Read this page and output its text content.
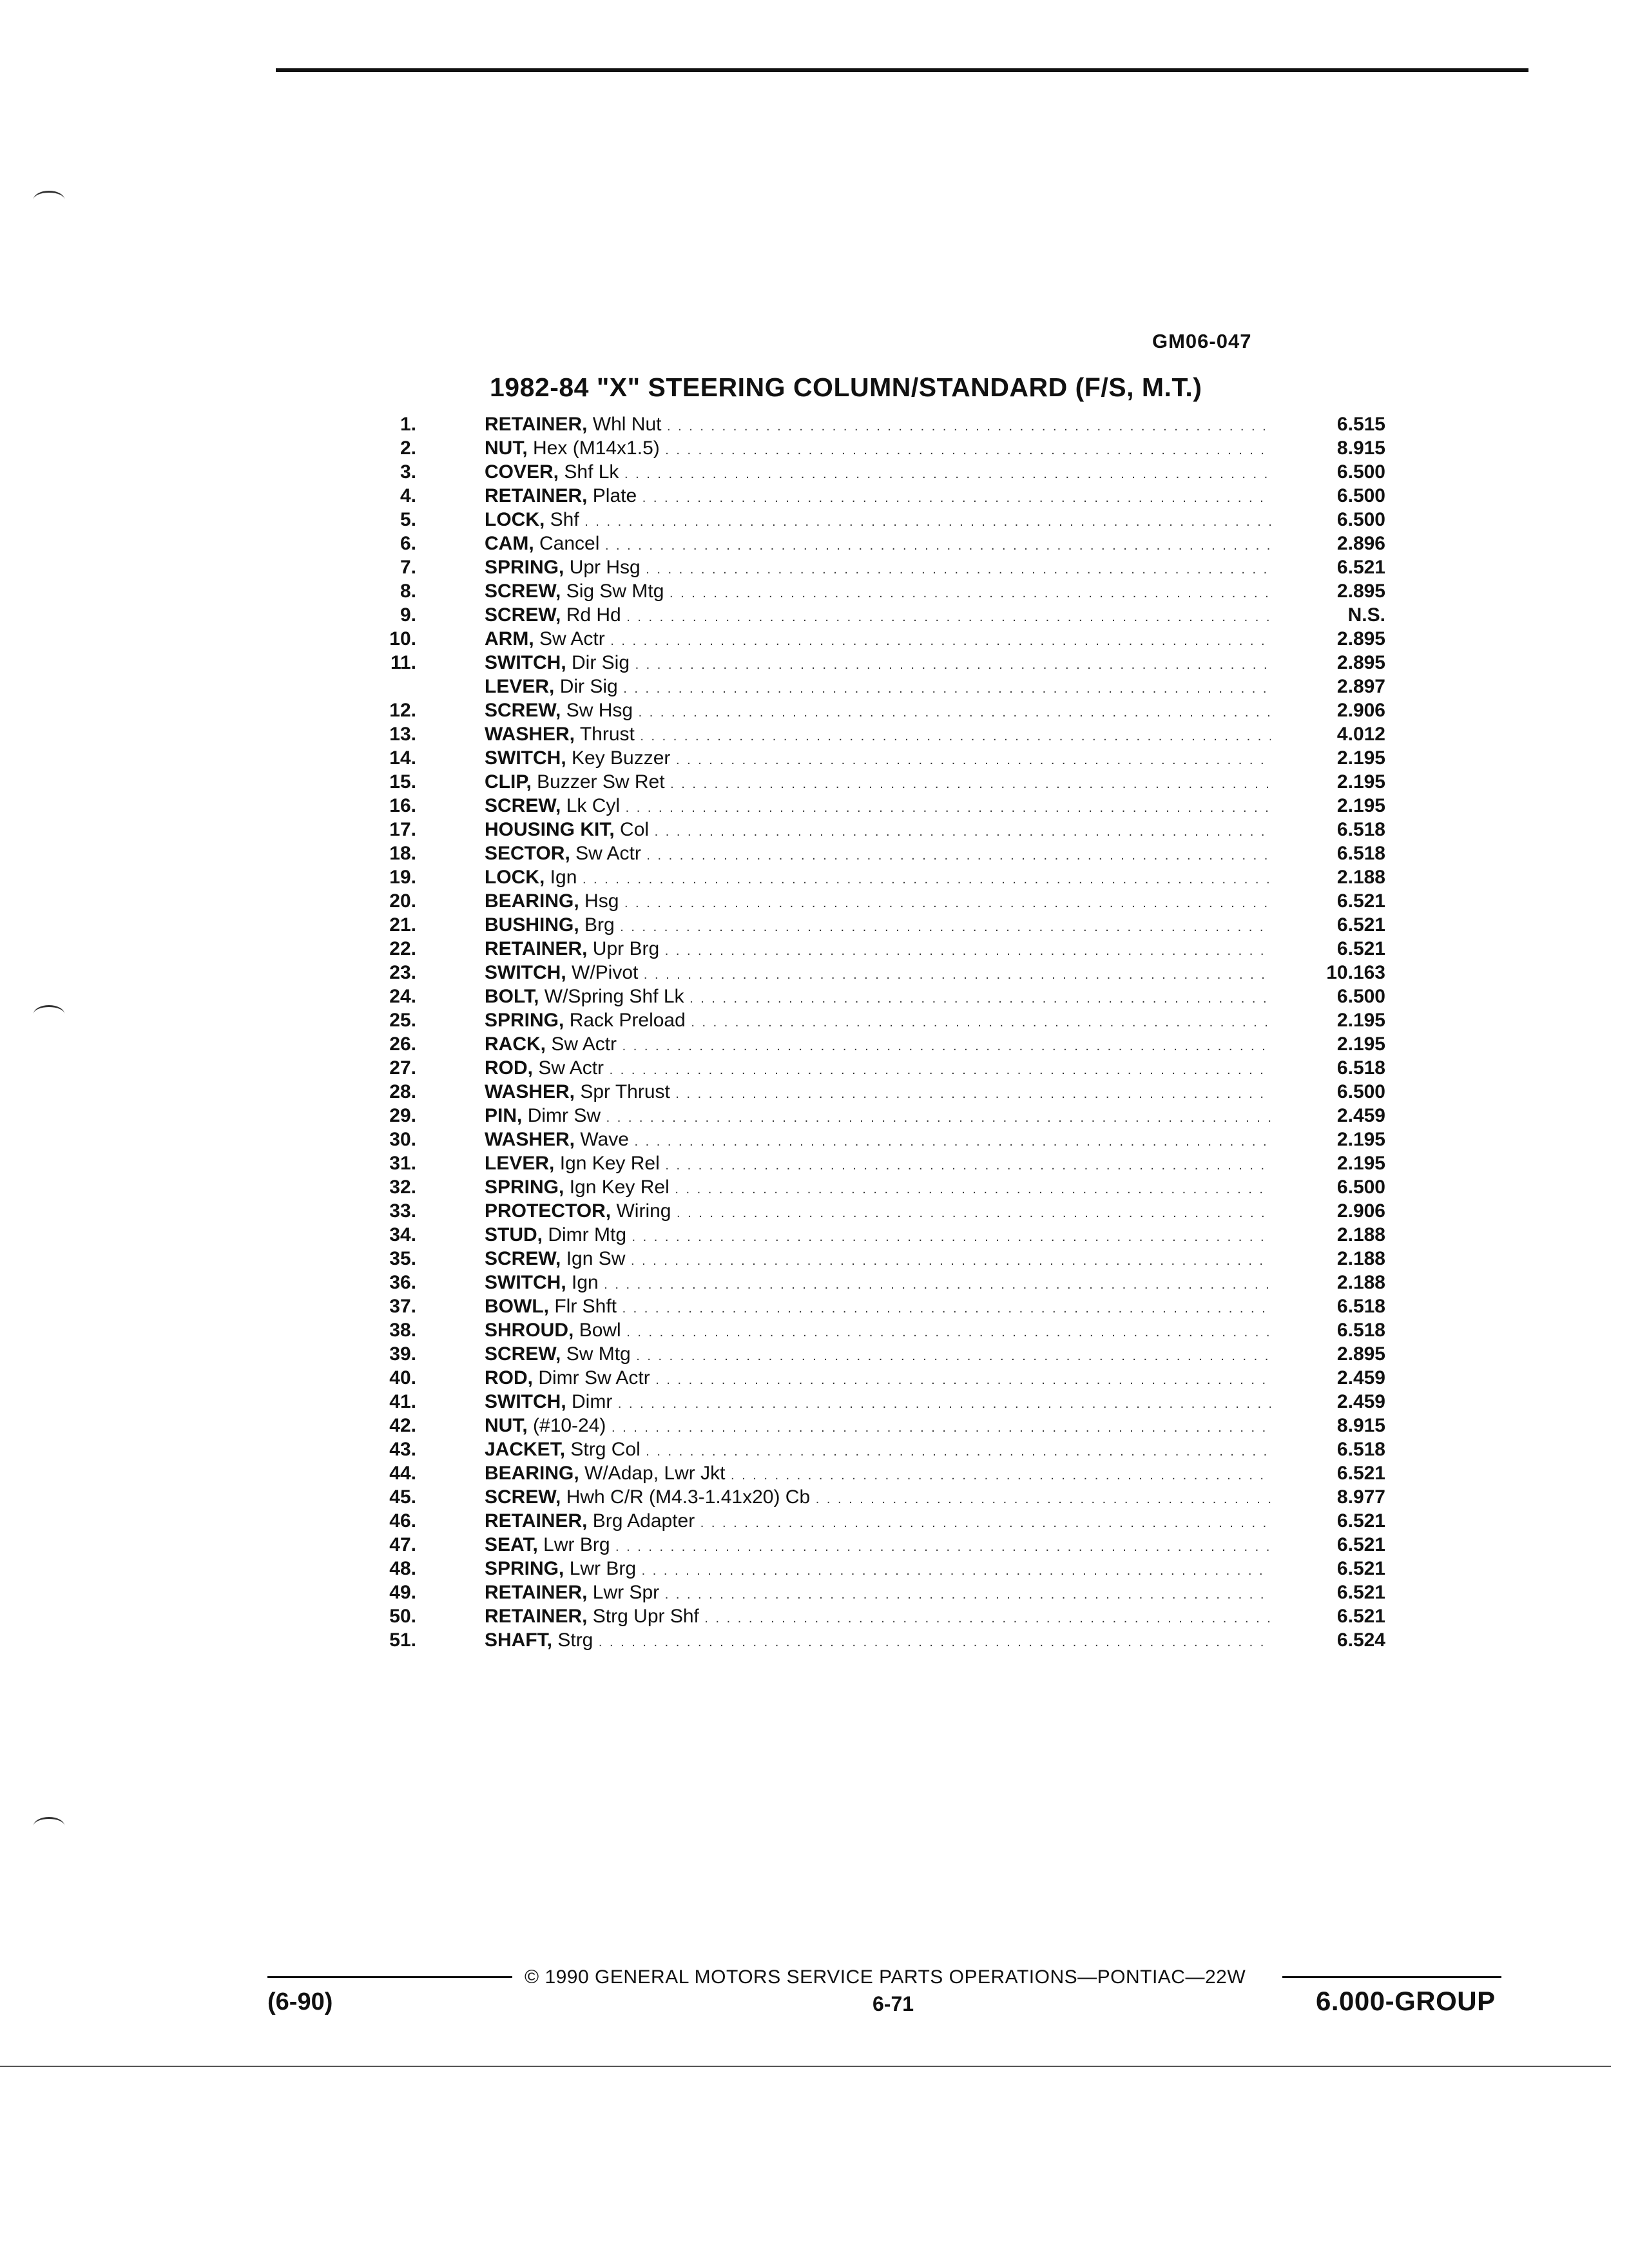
GM06-047
1982-84 "X" STEERING COLUMN/STANDARD (F/S, M.T.)
1.	RETAINER, Whl Nut . . .	6.515
2.	NUT, Hex (M14x1.5) . . .	8.915
3.	COVER, Shf Lk . . .	6.500
4.	RETAINER, Plate . . .	6.500
5.	LOCK, Shf . . .	6.500
6.	CAM, Cancel . . .	2.896
7.	SPRING, Upr Hsg . . .	6.521
8.	SCREW, Sig Sw Mtg . . .	2.895
9.	SCREW, Rd Hd . . .	N.S.
10.	ARM, Sw Actr . . .	2.895
11.	SWITCH, Dir Sig . . .	2.895
LEVER, Dir Sig . . .	2.897
12.	SCREW, Sw Hsg . . .	2.906
13.	WASHER, Thrust . . .	4.012
14.	SWITCH, Key Buzzer . . .	2.195
15.	CLIP, Buzzer Sw Ret . . .	2.195
16.	SCREW, Lk Cyl . . .	2.195
17.	HOUSING KIT, Col . . .	6.518
18.	SECTOR, Sw Actr . . .	6.518
19.	LOCK, Ign . . .	2.188
20.	BEARING, Hsg . . .	6.521
21.	BUSHING, Brg . . .	6.521
22.	RETAINER, Upr Brg . . .	6.521
23.	SWITCH, W/Pivot . . .	10.163
24.	BOLT, W/Spring Shf Lk . . .	6.500
25.	SPRING, Rack Preload . . .	2.195
26.	RACK, Sw Actr . . .	2.195
27.	ROD, Sw Actr . . .	6.518
28.	WASHER, Spr Thrust . . .	6.500
29.	PIN, Dimr Sw . . .	2.459
30.	WASHER, Wave . . .	2.195
31.	LEVER, Ign Key Rel . . .	2.195
32.	SPRING, Ign Key Rel . . .	6.500
33.	PROTECTOR, Wiring . . .	2.906
34.	STUD, Dimr Mtg . . .	2.188
35.	SCREW, Ign Sw . . .	2.188
36.	SWITCH, Ign . . .	2.188
37.	BOWL, Flr Shft . . .	6.518
38.	SHROUD, Bowl . . .	6.518
39.	SCREW, Sw Mtg . . .	2.895
40.	ROD, Dimr Sw Actr . . .	2.459
41.	SWITCH, Dimr . . .	2.459
42.	NUT, (#10-24) . . .	8.915
43.	JACKET, Strg Col . . .	6.518
44.	BEARING, W/Adap, Lwr Jkt . . .	6.521
45.	SCREW, Hwh C/R (M4.3-1.41x20) Cb . . .	8.977
46.	RETAINER, Brg Adapter . . .	6.521
47.	SEAT, Lwr Brg . . .	6.521
48.	SPRING, Lwr Brg . . .	6.521
49.	RETAINER, Lwr Spr . . .	6.521
50.	RETAINER, Strg Upr Shf . . .	6.521
51.	SHAFT, Strg . . .	6.524
© 1990 GENERAL MOTORS SERVICE PARTS OPERATIONS—PONTIAC—22W
(6-90)	6-71	6.000-GROUP
